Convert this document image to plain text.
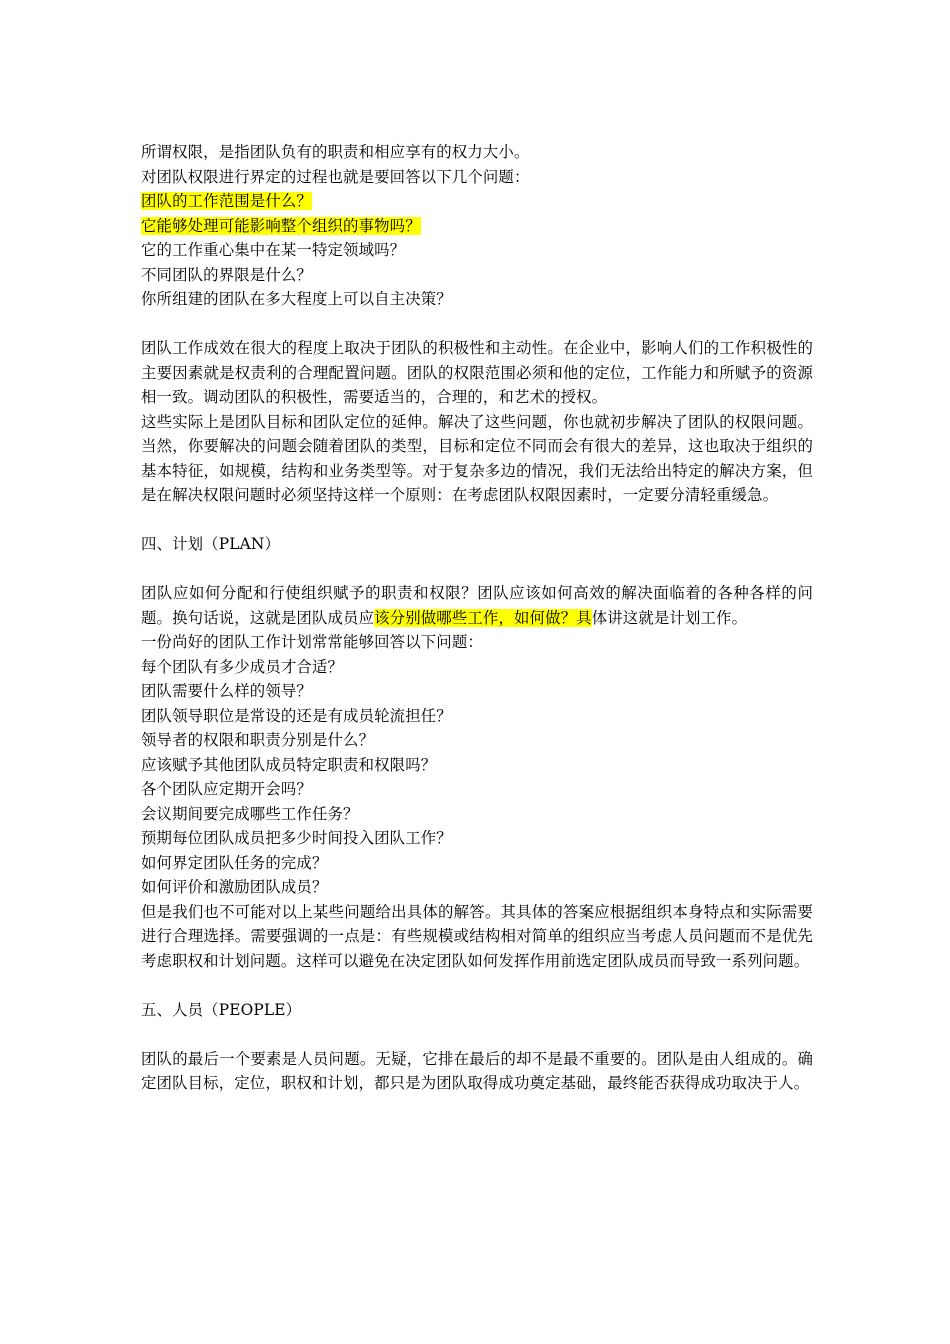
所谓权限，是指团队负有的职责和相应享有的权力大小。
对团队权限进行界定的过程也就是要回答以下几个问题：
团队的工作范围是什么？
它能够处理可能影响整个组织的事物吗？
它的工作重心集中在某一特定领域吗？
不同团队的界限是什么？
你所组建的团队在多大程度上可以自主决策？
团队工作成效在很大的程度上取决于团队的积极性和主动性。在企业中，影响人们的工作积极性的主要因素就是权责利的合理配置问题。团队的权限范围必须和他的定位，工作能力和所赋予的资源相一致。调动团队的积极性，需要适当的，合理的，和艺术的授权。
这些实际上是团队目标和团队定位的延伸。解决了这些问题，你也就初步解决了团队的权限问题。当然，你要解决的问题会随着团队的类型，目标和定位不同而会有很大的差异，这也取决于组织的基本特征，如规模，结构和业务类型等。对于复杂多边的情况，我们无法给出特定的解决方案，但是在解决权限问题时必须坚持这样一个原则：在考虑团队权限因素时，一定要分清轻重缓急。
四、计划（PLAN）
团队应如何分配和行使组织赋予的职责和权限？团队应该如何高效的解决面临着的各种各样的问题。换句话说，这就是团队成员应该分别做哪些工作，如何做？具体讲这就是计划工作。
一份尚好的团队工作计划常常能够回答以下问题：
每个团队有多少成员才合适？
团队需要什么样的领导？
团队领导职位是常设的还是有成员轮流担任？
领导者的权限和职责分别是什么？
应该赋予其他团队成员特定职责和权限吗？
各个团队应定期开会吗？
会议期间要完成哪些工作任务？
预期每位团队成员把多少时间投入团队工作？
如何界定团队任务的完成？
如何评价和激励团队成员？
但是我们也不可能对以上某些问题给出具体的解答。其具体的答案应根据组织本身特点和实际需要进行合理选择。需要强调的一点是：有些规模或结构相对简单的组织应当考虑人员问题而不是优先考虑职权和计划问题。这样可以避免在决定团队如何发挥作用前选定团队成员而导致一系列问题。
五、人员（PEOPLE）
团队的最后一个要素是人员问题。无疑，它排在最后的却不是最不重要的。团队是由人组成的。确定团队目标，定位，职权和计划，都只是为团队取得成功奠定基础，最终能否获得成功取决于人。
